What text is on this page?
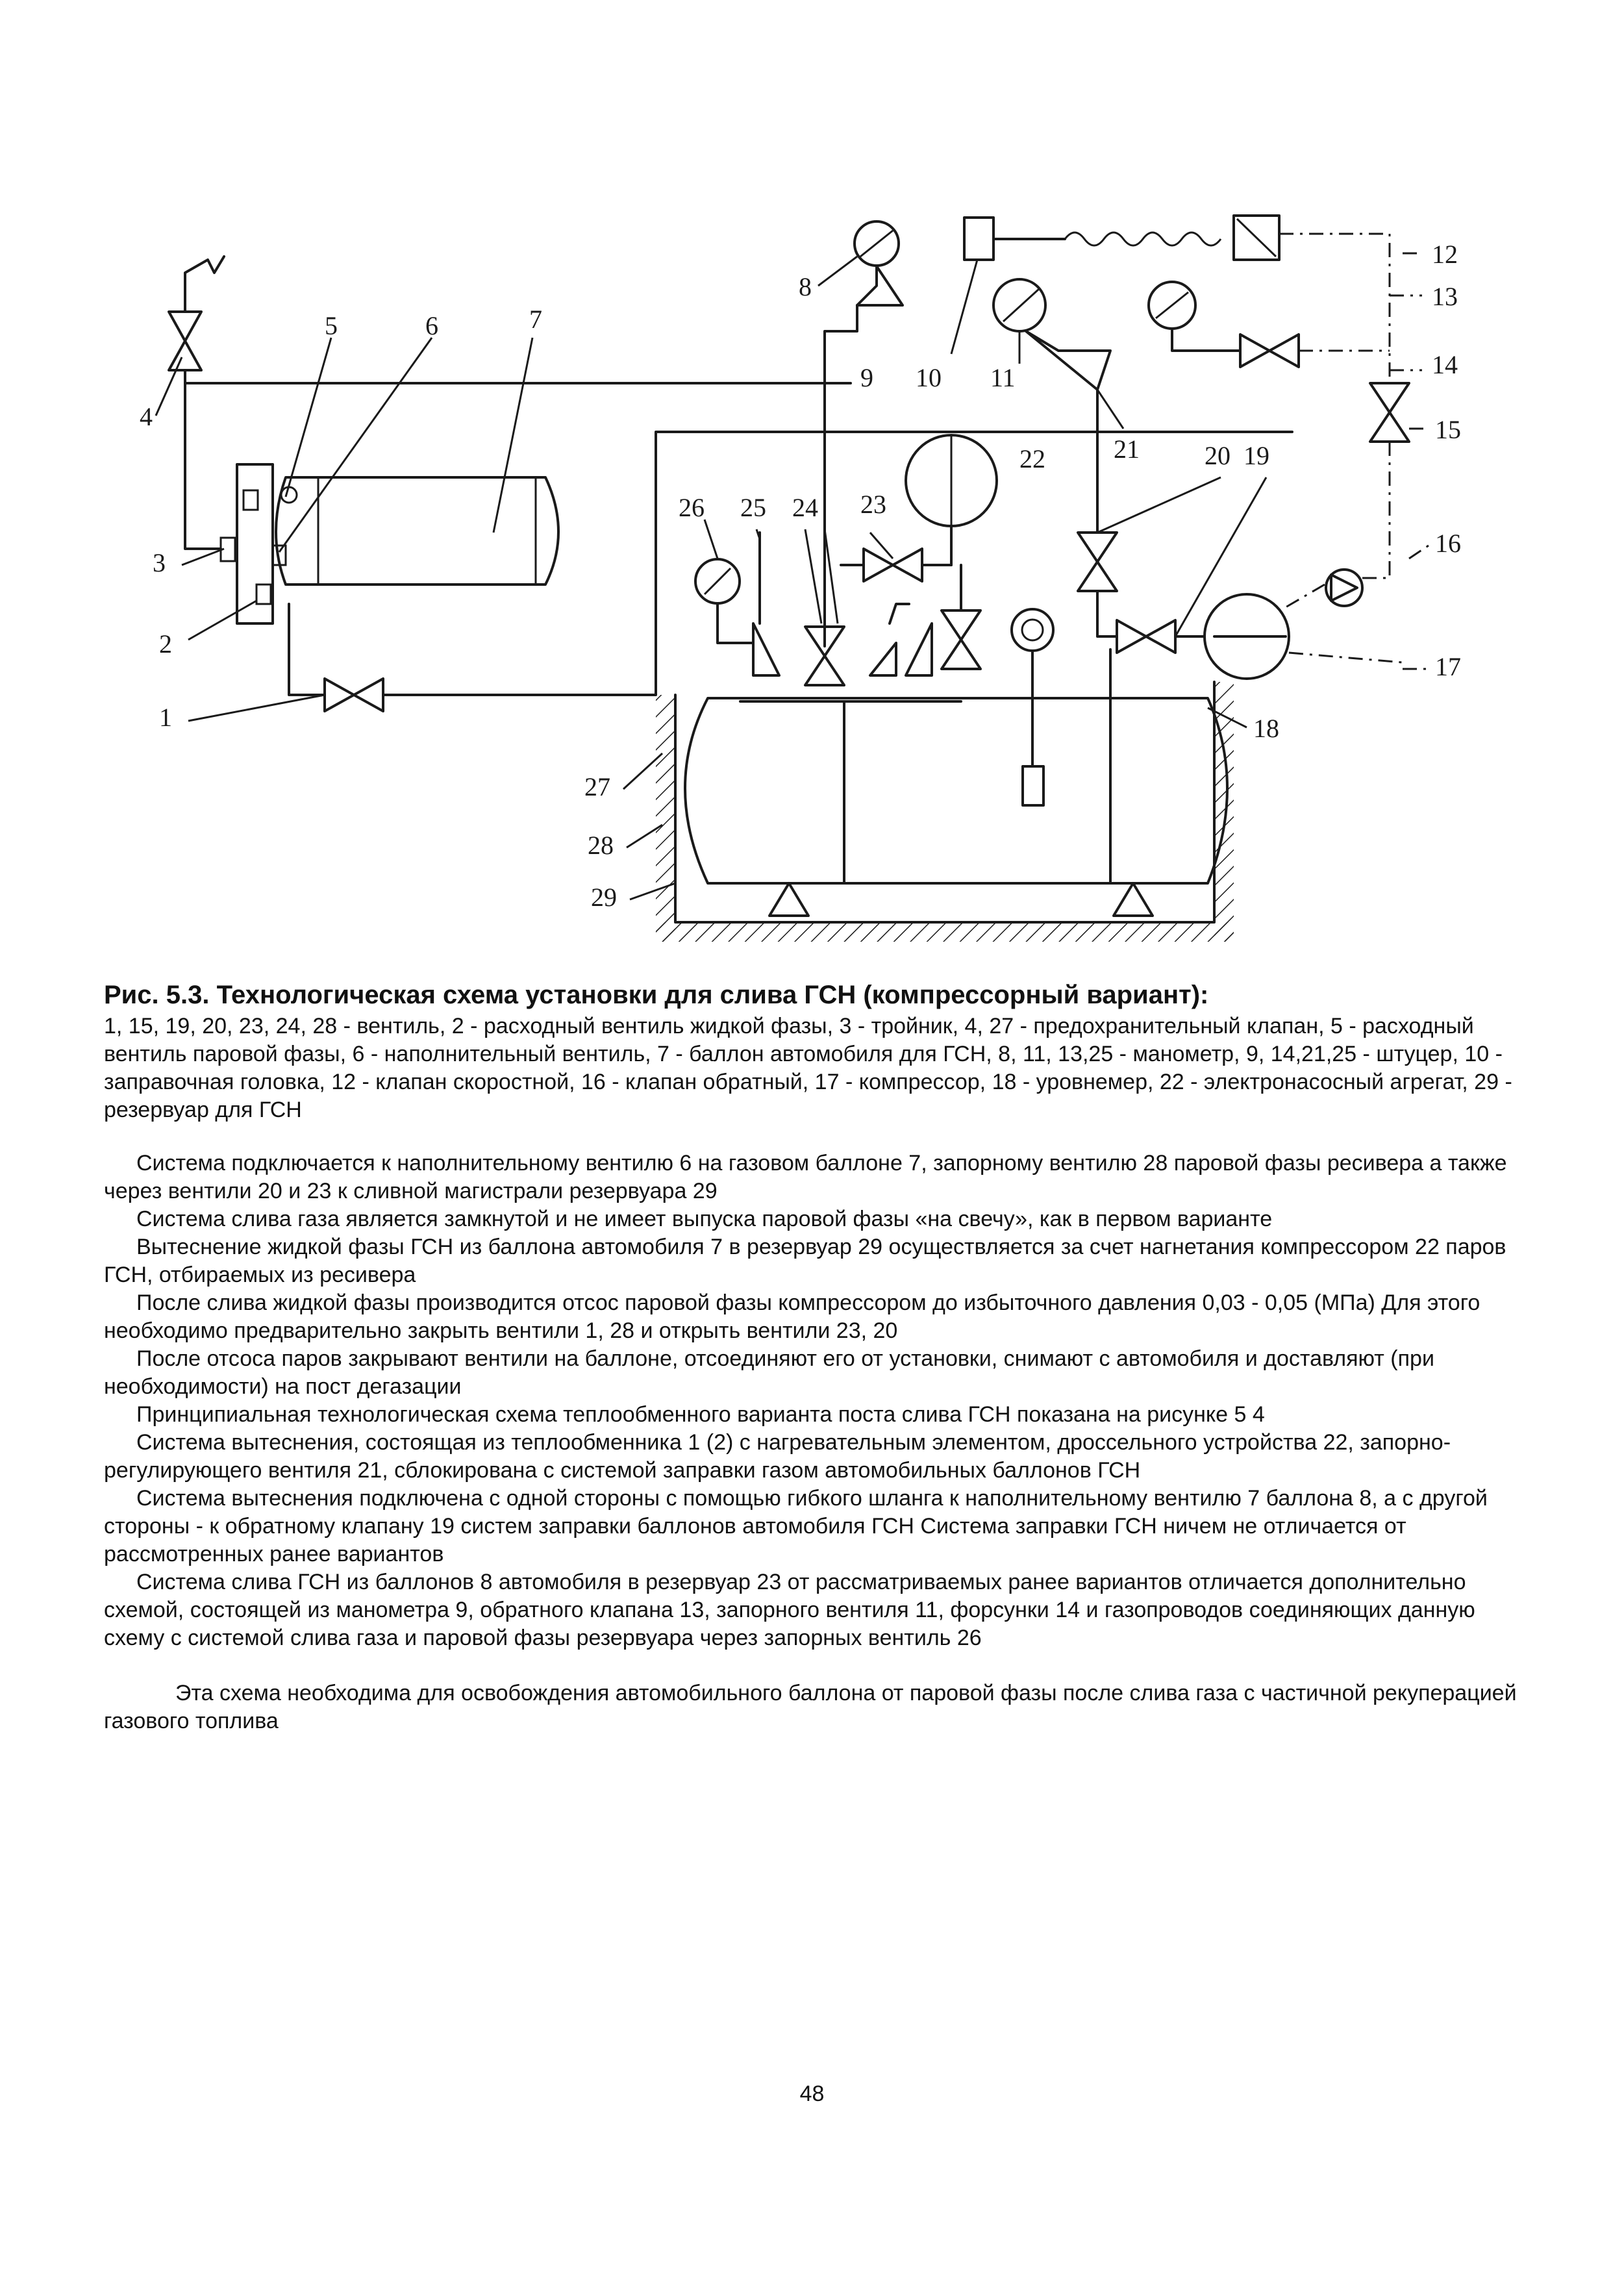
4
3
2
1
5	6	7
8
9 10 11
12
13
14
15
16
17
18
19
20
21
22
23
24
25
26
27
28
29

Рис. 5.3. Технологическая схема установки для слива ГСН (компрессорный вариант):

1, 15, 19, 20, 23, 24, 28 - вентиль, 2 - расходный вентиль жидкой фазы, 3 - тройник, 4, 27 - предохранительный клапан, 5 - расходный вентиль паровой фазы, 6 - наполнительный вентиль, 7 - баллон автомобиля для ГСН, 8, 11, 13,25 - манометр, 9, 14,21,25 - штуцер, 10 - заправочная головка, 12 - клапан скоростной, 16 - клапан обратный, 17 - компрессор, 18 - уровнемер, 22 - электронасосный агрегат, 29 - резервуар для ГСН

Система подключается к наполнительному вентилю 6 на газовом баллоне 7, запорному вентилю 28 паровой фазы ресивера а также через вентили 20 и 23 к сливной магистрали резервуара 29

Система слива газа является замкнутой и не имеет выпуска паровой фазы «на свечу», как в первом варианте

Вытеснение жидкой фазы ГСН из баллона автомобиля 7 в резервуар 29 осуществляется за счет нагнетания компрессором 22 паров ГСН, отбираемых из ресивера

После слива жидкой фазы производится отсос паровой фазы компрессором до избыточного давления 0,03 - 0,05 (МПа) Для этого необходимо предварительно закрыть вентили 1, 28 и открыть вентили 23, 20

После отсоса паров закрывают вентили на баллоне, отсоединяют его от установки, снимают с автомобиля и доставляют (при необходимости) на пост дегазации

Принципиальная технологическая схема теплообменного варианта поста слива ГСН показана на рисунке 5 4

Система вытеснения, состоящая из теплообменника 1 (2) с нагревательным элементом, дроссельного устройства 22, запорно-регулирующего вентиля 21, сблокирована с системой заправки газом автомобильных баллонов ГСН

Система вытеснения подключена с одной стороны с помощью гибкого шланга к наполнительному вентилю 7 баллона 8, а с другой стороны - к обратному клапану 19 систем заправки баллонов автомобиля ГСН Система заправки ГСН ничем не отличается от рассмотренных ранее вариантов

Система слива ГСН из баллонов 8 автомобиля в резервуар 23 от рассматриваемых ранее вариантов отличается дополнительно схемой, состоящей из манометра 9, обратного клапана 13, запорного вентиля 11, форсунки 14 и газопроводов соединяющих данную схему с системой слива газа и паровой фазы резервуара через запорных вентиль 26

Эта схема необходима для освобождения автомобильного баллона от паровой фазы после слива газа с частичной рекуперацией газового топлива

48
